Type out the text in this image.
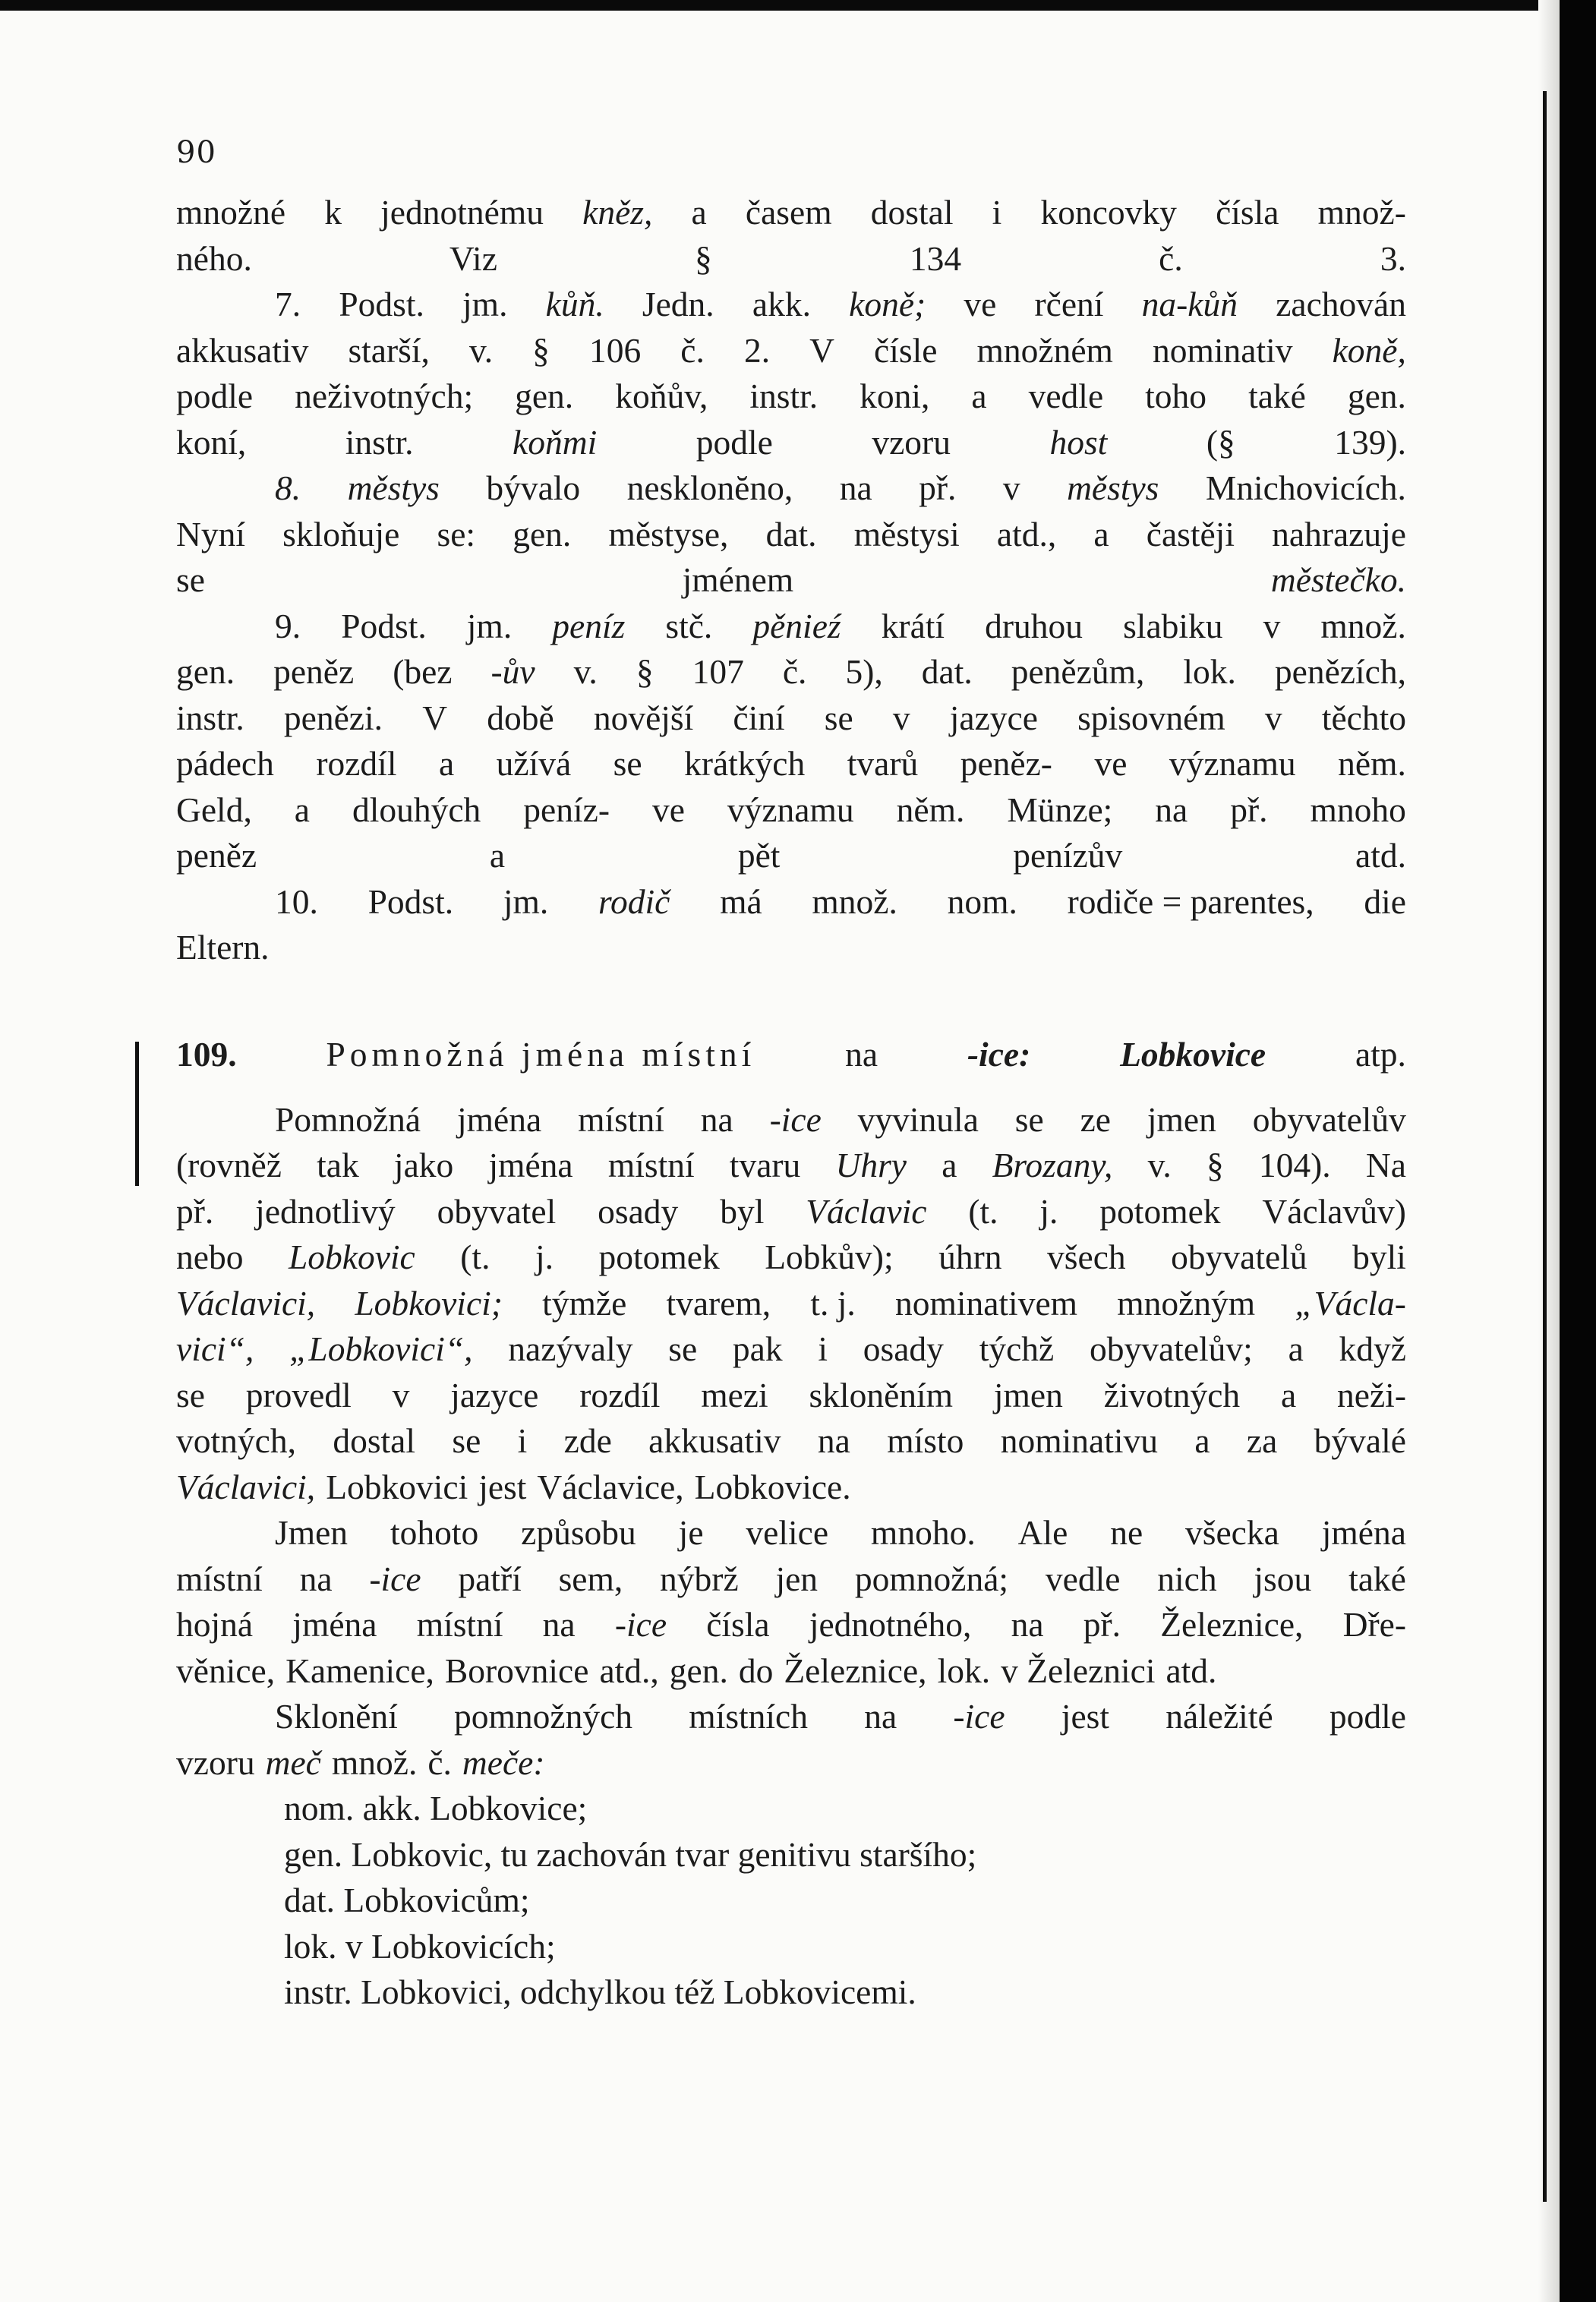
90
množné k jednotnému kněz, a časem dostal i koncovky čísla množ-
ného.	Viz	§	134	č.	3.
7. Podst. jm. kůň. Jedn. akk. koně; ve rčení na-kůň zachován
akkusativ starší, v. § 106 č. 2. V čísle množném nominativ koně,
podle neživotných; gen. koňův, instr. koni, a vedle toho také gen.
koní,	instr.	koňmi	podle	vzoru	host	(§	139).
8. městys bývalo nesklonĕno, na př. v městys Mnichovicích.
Nyní skloňuje se: gen. městyse, dat. městysi atd., a častěji nahrazuje
se	jménem	městečko.
9. Podst. jm. peníz stč. pěnieź krátí druhou slabiku v množ.
gen. peněz (bez -ův v. § 107 č. 5), dat. penězům, lok. penězích,
instr. penězi. V době novější činí se v jazyce spisovném v těchto
pádech rozdíl a užívá se krátkých tvarů peněz- ve významu něm.
Geld, a dlouhých peníz- ve významu něm. Münze; na př. mnoho
peněz	a	pět	penízův	atd.
10. Podst. jm. rodič má množ. nom. rodiče = parentes, die
Eltern.
109.	Pomnožná jména místní	na	-ice:	Lobkovice	atp.
Pomnožná jména místní na -ice vyvinula se ze jmen obyvatelův
(rovněž tak jako jména místní tvaru Uhry a Brozany, v. § 104). Na
př. jednotlivý obyvatel osady byl Václavic (t. j. potomek Václavův)
nebo Lobkovic (t. j. potomek Lobkův); úhrn všech obyvatelů byli
Václavici, Lobkovici; týmže tvarem, t. j. nominativem množným „Václa-
vici“, „Lobkovici“, nazývaly se pak i osady týchž obyvatelův; a když
se provedl v jazyce rozdíl mezi skloněním jmen životných a neži-
votných, dostal se i zde akkusativ na místo nominativu a za bývalé
Václavici, Lobkovici jest Václavice, Lobkovice.
Jmen tohoto způsobu je velice mnoho. Ale ne všecka jména
místní na -ice patří sem, nýbrž jen pomnožná; vedle nich jsou také
hojná jména místní na -ice čísla jednotného, na př. Železnice, Dře-
věnice, Kamenice, Borovnice atd., gen. do Železnice, lok. v Železnici atd.
Sklonění pomnožných místních na -ice jest náležité podle
vzoru meč množ. č. meče:
nom. akk. Lobkovice;
gen. Lobkovic, tu zachován tvar genitivu staršího;
dat. Lobkovicům;
lok. v Lobkovicích;
instr. Lobkovici, odchylkou též Lobkovicemi.
